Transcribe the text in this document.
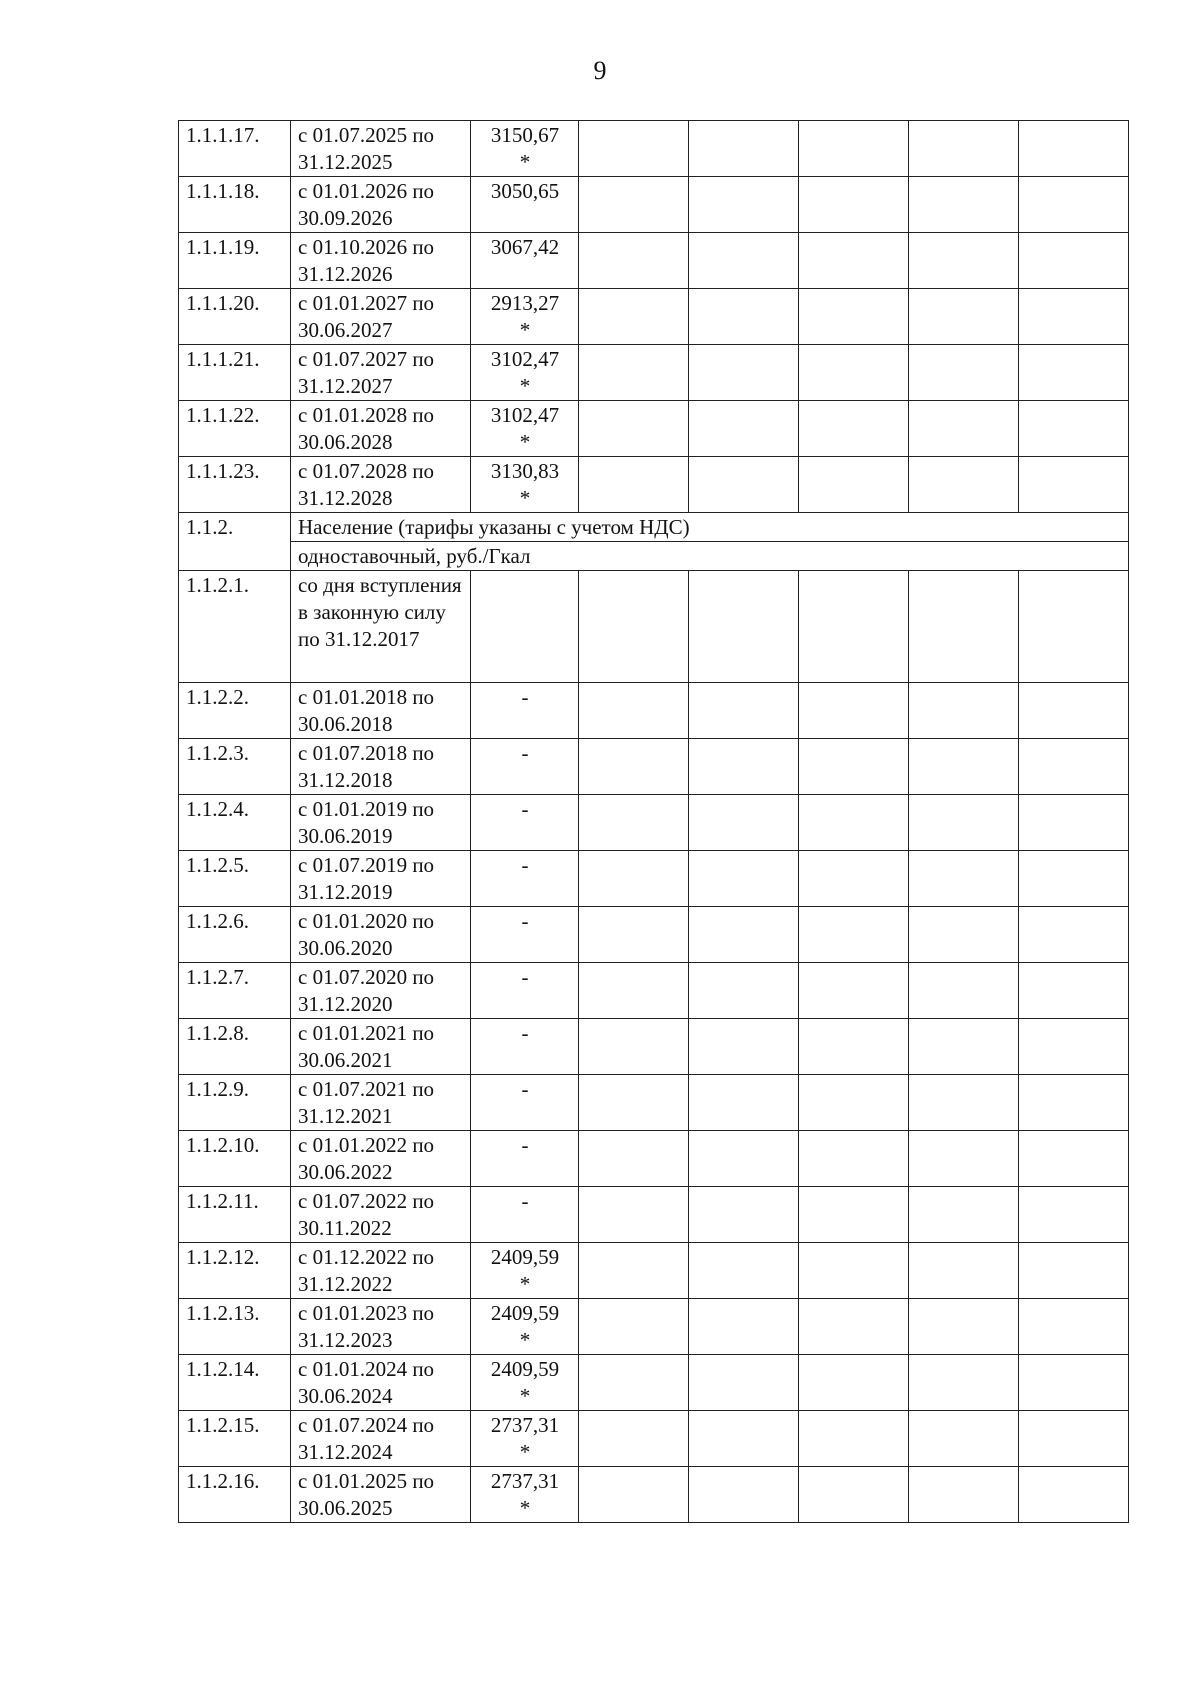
9
1.1.1.17.	с 01.07.2025 по 31.12.2025	3150,67
*					

1.1.1.18.	с 01.01.2026 по 30.09.2026	3050,65					

1.1.1.19.	с 01.10.2026 по 31.12.2026	3067,42					

1.1.1.20.	с 01.01.2027 по 30.06.2027	2913,27
*					

1.1.1.21.	с 01.07.2027 по 31.12.2027	3102,47
*					

1.1.1.22.	с 01.01.2028 по 30.06.2028	3102,47
*					

1.1.1.23.	с 01.07.2028 по 31.12.2028	3130,83
*					

1.1.2.	Население (тарифы указаны с учетом НДС)						
	одноставочный, руб./Гкал						
1.1.2.1.	со дня вступления в законную силу по 31.12.2017	

1.1.2.2.	с 01.01.2018 по 30.06.2018	-					

1.1.2.3.	с 01.07.2018 по 31.12.2018	-					

1.1.2.4.	с 01.01.2019 по 30.06.2019	-					

1.1.2.5.	с 01.07.2019 по 31.12.2019	-					

1.1.2.6.	с 01.01.2020 по 30.06.2020	-					

1.1.2.7.	с 01.07.2020 по 31.12.2020	-					

1.1.2.8.	с 01.01.2021 по 30.06.2021	-					

1.1.2.9.	с 01.07.2021 по 31.12.2021	-					

1.1.2.10.	с 01.01.2022 по 30.06.2022	-					

1.1.2.11.	с 01.07.2022 по 30.11.2022	-					

1.1.2.12.	с 01.12.2022 по 31.12.2022	2409,59
*					

1.1.2.13.	с 01.01.2023 по 31.12.2023	2409,59
*					

1.1.2.14.	с 01.01.2024 по 30.06.2024	2409,59
*					

1.1.2.15.	с 01.07.2024 по 31.12.2024	2737,31
*					

1.1.2.16.	с 01.01.2025 по 30.06.2025	2737,31
*					
